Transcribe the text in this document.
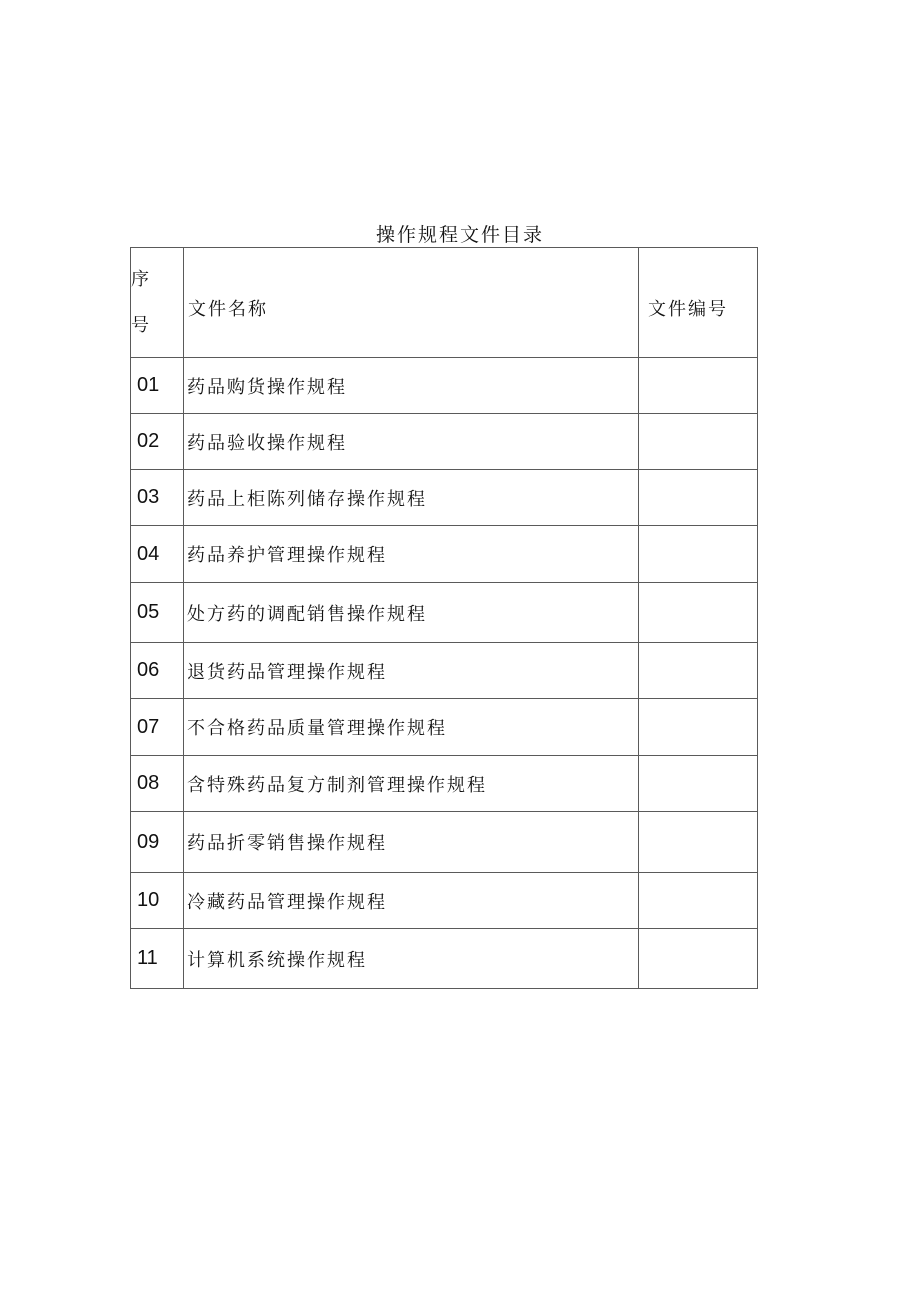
操作规程文件目录
序
号	文件名称	文件编号
01	药品购货操作规程	
02	药品验收操作规程	
03	药品上柜陈列储存操作规程	
04	药品养护管理操作规程	
05	处方药的调配销售操作规程	
06	退货药品管理操作规程	
07	不合格药品质量管理操作规程	
08	含特殊药品复方制剂管理操作规程	
09	药品折零销售操作规程	
10	冷藏药品管理操作规程	
11	计算机系统操作规程	
